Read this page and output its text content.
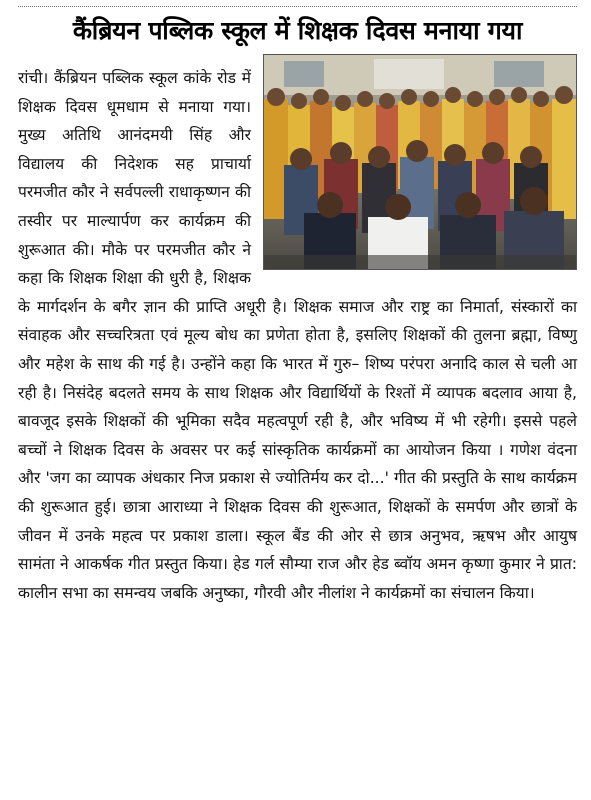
कैंब्रियन पब्लिक स्कूल में शिक्षक दिवस मनाया गया
रांची। कैंब्रियन पब्लिक स्कूल कांके रोड में शिक्षक दिवस धूमधाम से मनाया गया। मुख्य अतिथि आनंदमयी सिंह और विद्यालय की निदेशक सह प्राचार्या परमजीत कौर ने सर्वपल्ली राधाकृष्णन की तस्वीर पर माल्यार्पण कर कार्यक्रम की शुरूआत की। मौके पर परमजीत कौर ने कहा कि शिक्षक शिक्षा की धुरी है, शिक्षक के मार्गदर्शन के बगैर ज्ञान की प्राप्ति अधूरी है। शिक्षक समाज और राष्ट्र का निमार्ता, संस्कारों का संवाहक और सच्चरित्रता एवं मूल्य बोध का प्रणेता होता है, इसलिए शिक्षकों की तुलना ब्रह्मा, विष्णु और महेश के साथ की गई है। उन्होंने कहा कि भारत में गुरु– शिष्य परंपरा अनादि काल से चली आ रही है। निसंदेह बदलते समय के साथ शिक्षक और विद्यार्थियों के रिश्तों में व्यापक बदलाव आया है, बावजूद इसके शिक्षकों की भूमिका सदैव महत्वपूर्ण रही है, और भविष्य में भी रहेगी। इससे पहले बच्चों ने शिक्षक दिवस के अवसर पर कई सांस्कृतिक कार्यक्रमों का आयोजन किया । गणेश वंदना और 'जग का व्यापक अंधकार निज प्रकाश से ज्योतिर्मय कर दो...' गीत की प्रस्तुति के साथ कार्यक्रम की शुरूआत हुई। छात्रा आराध्या ने शिक्षक दिवस की शुरूआत, शिक्षकों के समर्पण और छात्रों के जीवन में उनके महत्व पर प्रकाश डाला। स्कूल बैंड की ओर से छात्र अनुभव, ऋषभ और आयुष सामंता ने आकर्षक गीत प्रस्तुत किया। हेड गर्ल सौम्या राज और हेड ब्वॉय अमन कृष्णा कुमार ने प्रात: कालीन सभा का समन्वय जबकि अनुष्का, गौरवी और नीलांश ने कार्यक्रमों का संचालन किया।
